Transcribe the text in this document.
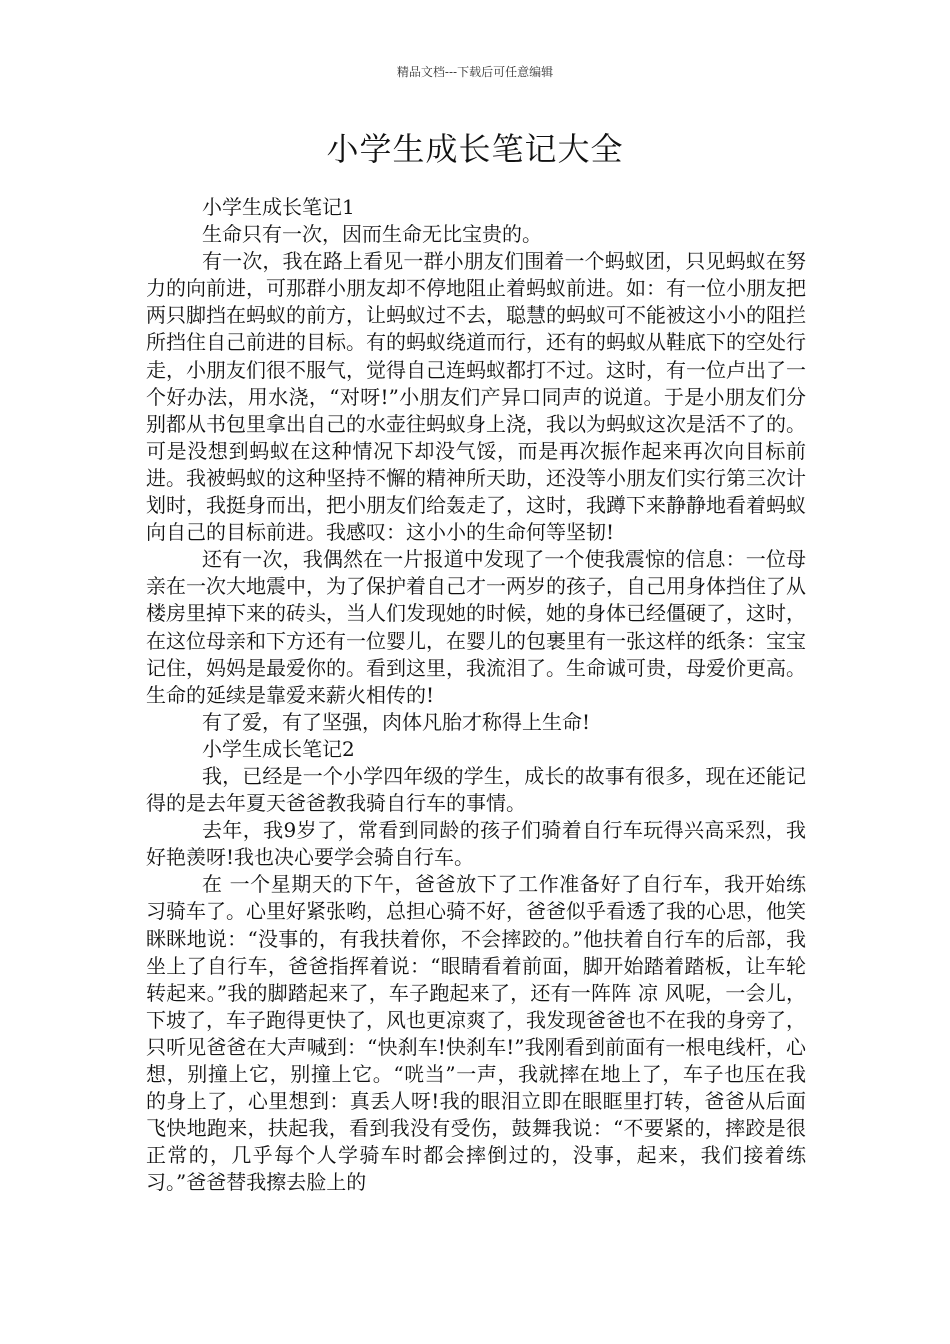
精品文档---下载后可任意编辑
小学生成长笔记大全

小学生成长笔记1

生命只有一次，因而生命无比宝贵的。

有一次，我在路上看见一群小朋友们围着一个蚂蚁团，只见蚂蚁在努力的向前进，可那群小朋友却不停地阻止着蚂蚁前进。如：有一位小朋友把两只脚挡在蚂蚁的前方，让蚂蚁过不去，聪慧的蚂蚁可不能被这小小的阻拦所挡住自己前进的目标。有的蚂蚁绕道而行，还有的蚂蚁从鞋底下的空处行走，小朋友们很不服气，觉得自己连蚂蚁都打不过。这时，有一位卢出了一个好办法，用水浇，“对呀!”小朋友们产异口同声的说道。于是小朋友们分别都从书包里拿出自己的水壶往蚂蚁身上浇，我以为蚂蚁这次是活不了的。可是没想到蚂蚁在这种情况下却没气馁，而是再次振作起来再次向目标前进。我被蚂蚁的这种坚持不懈的精神所天助，还没等小朋友们实行第三次计划时，我挺身而出，把小朋友们给轰走了，这时，我蹲下来静静地看着蚂蚁向自己的目标前进。我感叹：这小小的生命何等坚韧!

还有一次，我偶然在一片报道中发现了一个使我震惊的信息：一位母亲在一次大地震中，为了保护着自己才一两岁的孩子，自己用身体挡住了从楼房里掉下来的砖头，当人们发现她的时候，她的身体已经僵硬了，这时，在这位母亲和下方还有一位婴儿，在婴儿的包裹里有一张这样的纸条：宝宝记住，妈妈是最爱你的。看到这里，我流泪了。生命诚可贵，母爱价更高。生命的延续是靠爱来薪火相传的!

有了爱，有了坚强，肉体凡胎才称得上生命!

小学生成长笔记2

我，已经是一个小学四年级的学生，成长的故事有很多，现在还能记得的是去年夏天爸爸教我骑自行车的事情。

去年，我9岁了，常看到同龄的孩子们骑着自行车玩得兴高采烈，我好艳羡呀!我也决心要学会骑自行车。

在 一个星期天的下午，爸爸放下了工作准备好了自行车，我开始练习骑车了。心里好紧张哟，总担心骑不好，爸爸似乎看透了我的心思，他笑眯眯地说：“没事的，有我扶着你，不会摔跤的。”他扶着自行车的后部，我坐上了自行车，爸爸指挥着说：“眼睛看着前面，脚开始踏着踏板，让车轮转起来。”我的脚踏起来了，车子跑起来了，还有一阵阵 凉 风呢，一会儿，下坡了，车子跑得更快了，风也更凉爽了，我发现爸爸也不在我的身旁了，只听见爸爸在大声喊到：“快刹车!快刹车!”我刚看到前面有一根电线杆，心想，别撞上它，别撞上它。“咣当”一声，我就摔在地上了，车子也压在我的身上了，心里想到：真丢人呀!我的眼泪立即在眼眶里打转，爸爸从后面飞快地跑来，扶起我，看到我没有受伤，鼓舞我说：“不要紧的，摔跤是很正常的，几乎每个人学骑车时都会摔倒过的，没事，起来，我们接着练习。”爸爸替我擦去脸上的
